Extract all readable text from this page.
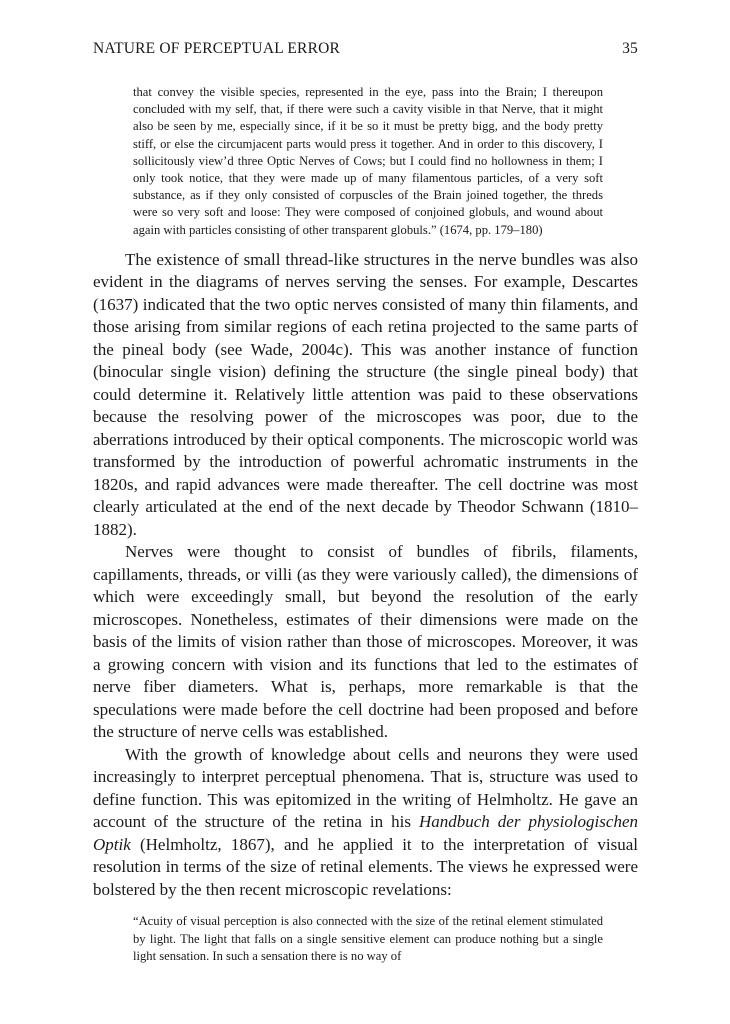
NATURE OF PERCEPTUAL ERROR	35

that convey the visible species, represented in the eye, pass into the Brain; I thereupon concluded with my self, that, if there were such a cavity visible in that Nerve, that it might also be seen by me, especially since, if it be so it must be pretty bigg, and the body pretty stiff, or else the circumjacent parts would press it together. And in order to this discovery, I sollicitously view’d three Optic Nerves of Cows; but I could find no hollowness in them; I only took notice, that they were made up of many filamentous particles, of a very soft substance, as if they only consisted of corpuscles of the Brain joined together, the threds were so very soft and loose: They were composed of conjoined globuls, and wound about again with particles consisting of other transparent globuls.” (1674, pp. 179–180)

The existence of small thread-like structures in the nerve bundles was also evident in the diagrams of nerves serving the senses. For example, Descartes (1637) indicated that the two optic nerves consisted of many thin filaments, and those arising from similar regions of each retina projected to the same parts of the pineal body (see Wade, 2004c). This was another instance of function (binocular single vision) defining the structure (the single pineal body) that could determine it. Relatively little attention was paid to these observations because the resolving power of the microscopes was poor, due to the aberrations introduced by their optical components. The microscopic world was transformed by the introduction of powerful achromatic instruments in the 1820s, and rapid advances were made thereafter. The cell doctrine was most clearly articulated at the end of the next decade by Theodor Schwann (1810–1882).

Nerves were thought to consist of bundles of fibrils, filaments, capillaments, threads, or villi (as they were variously called), the dimensions of which were exceedingly small, but beyond the resolution of the early microscopes. Nonetheless, estimates of their dimensions were made on the basis of the limits of vision rather than those of microscopes. Moreover, it was a growing concern with vision and its functions that led to the estimates of nerve fiber diameters. What is, perhaps, more remarkable is that the speculations were made before the cell doctrine had been proposed and before the structure of nerve cells was established.

With the growth of knowledge about cells and neurons they were used increasingly to interpret perceptual phenomena. That is, structure was used to define function. This was epitomized in the writing of Helmholtz. He gave an account of the structure of the retina in his Handbuch der physiologischen Optik (Helmholtz, 1867), and he applied it to the interpretation of visual resolution in terms of the size of retinal elements. The views he expressed were bolstered by the then recent microscopic revelations:

“Acuity of visual perception is also connected with the size of the retinal element stimulated by light. The light that falls on a single sensitive element can produce nothing but a single light sensation. In such a sensation there is no way of
